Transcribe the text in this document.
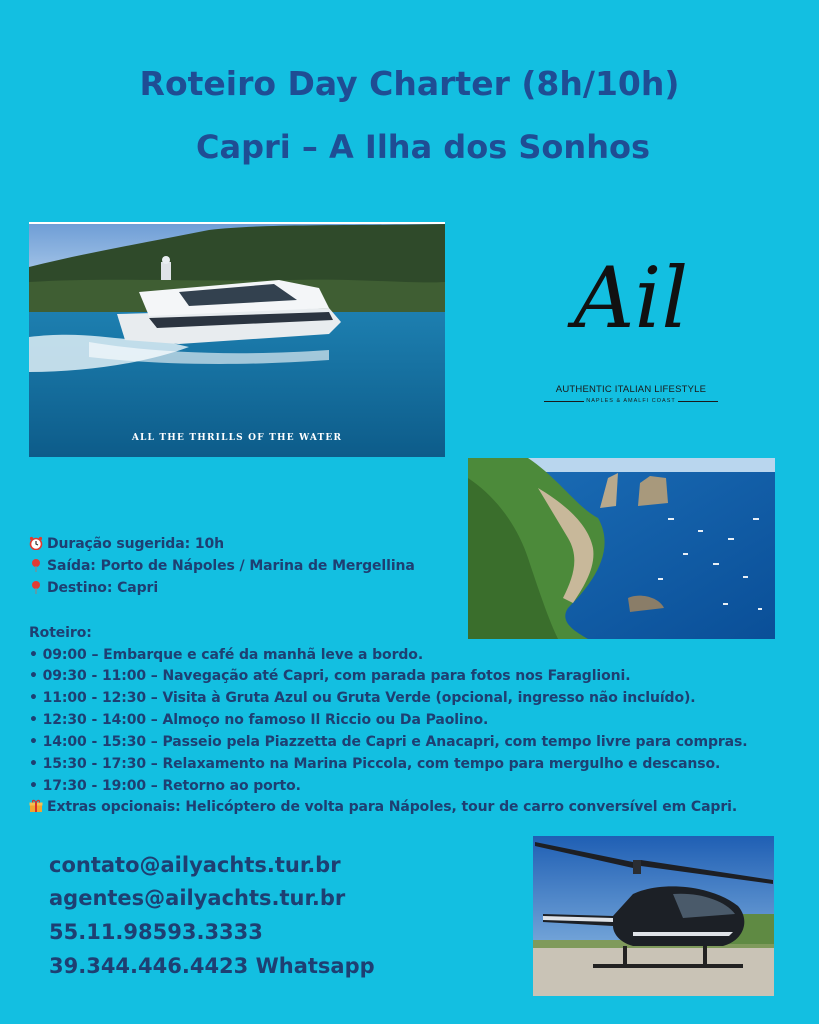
Roteiro Day Charter (8h/10h)
Capri – A Ilha dos Sonhos
ALL THE THRILLS OF THE WATER
Ail
AUTHENTIC ITALIAN LIFESTYLE
NAPLES & AMALFI COAST
Duração sugerida: 10h
Saída: Porto de Nápoles / Marina de Mergellina
Destino: Capri
Roteiro:
• 09:00 – Embarque e café da manhã leve a bordo.
• 09:30 - 11:00 – Navegação até Capri, com parada para fotos nos Faraglioni.
• 11:00 - 12:30 – Visita à Gruta Azul ou Gruta Verde (opcional, ingresso não incluído).
• 12:30 - 14:00 – Almoço no famoso Il Riccio ou Da Paolino.
• 14:00 - 15:30 – Passeio pela Piazzetta de Capri e Anacapri, com tempo livre para compras.
• 15:30 - 17:30 – Relaxamento na Marina Piccola, com tempo para mergulho e descanso.
• 17:30 - 19:00 – Retorno ao porto.
Extras opcionais: Helicóptero de volta para Nápoles, tour de carro conversível em Capri.
contato@ailyachts.tur.br
agentes@ailyachts.tur.br
55.11.98593.3333
39.344.446.4423 Whatsapp
